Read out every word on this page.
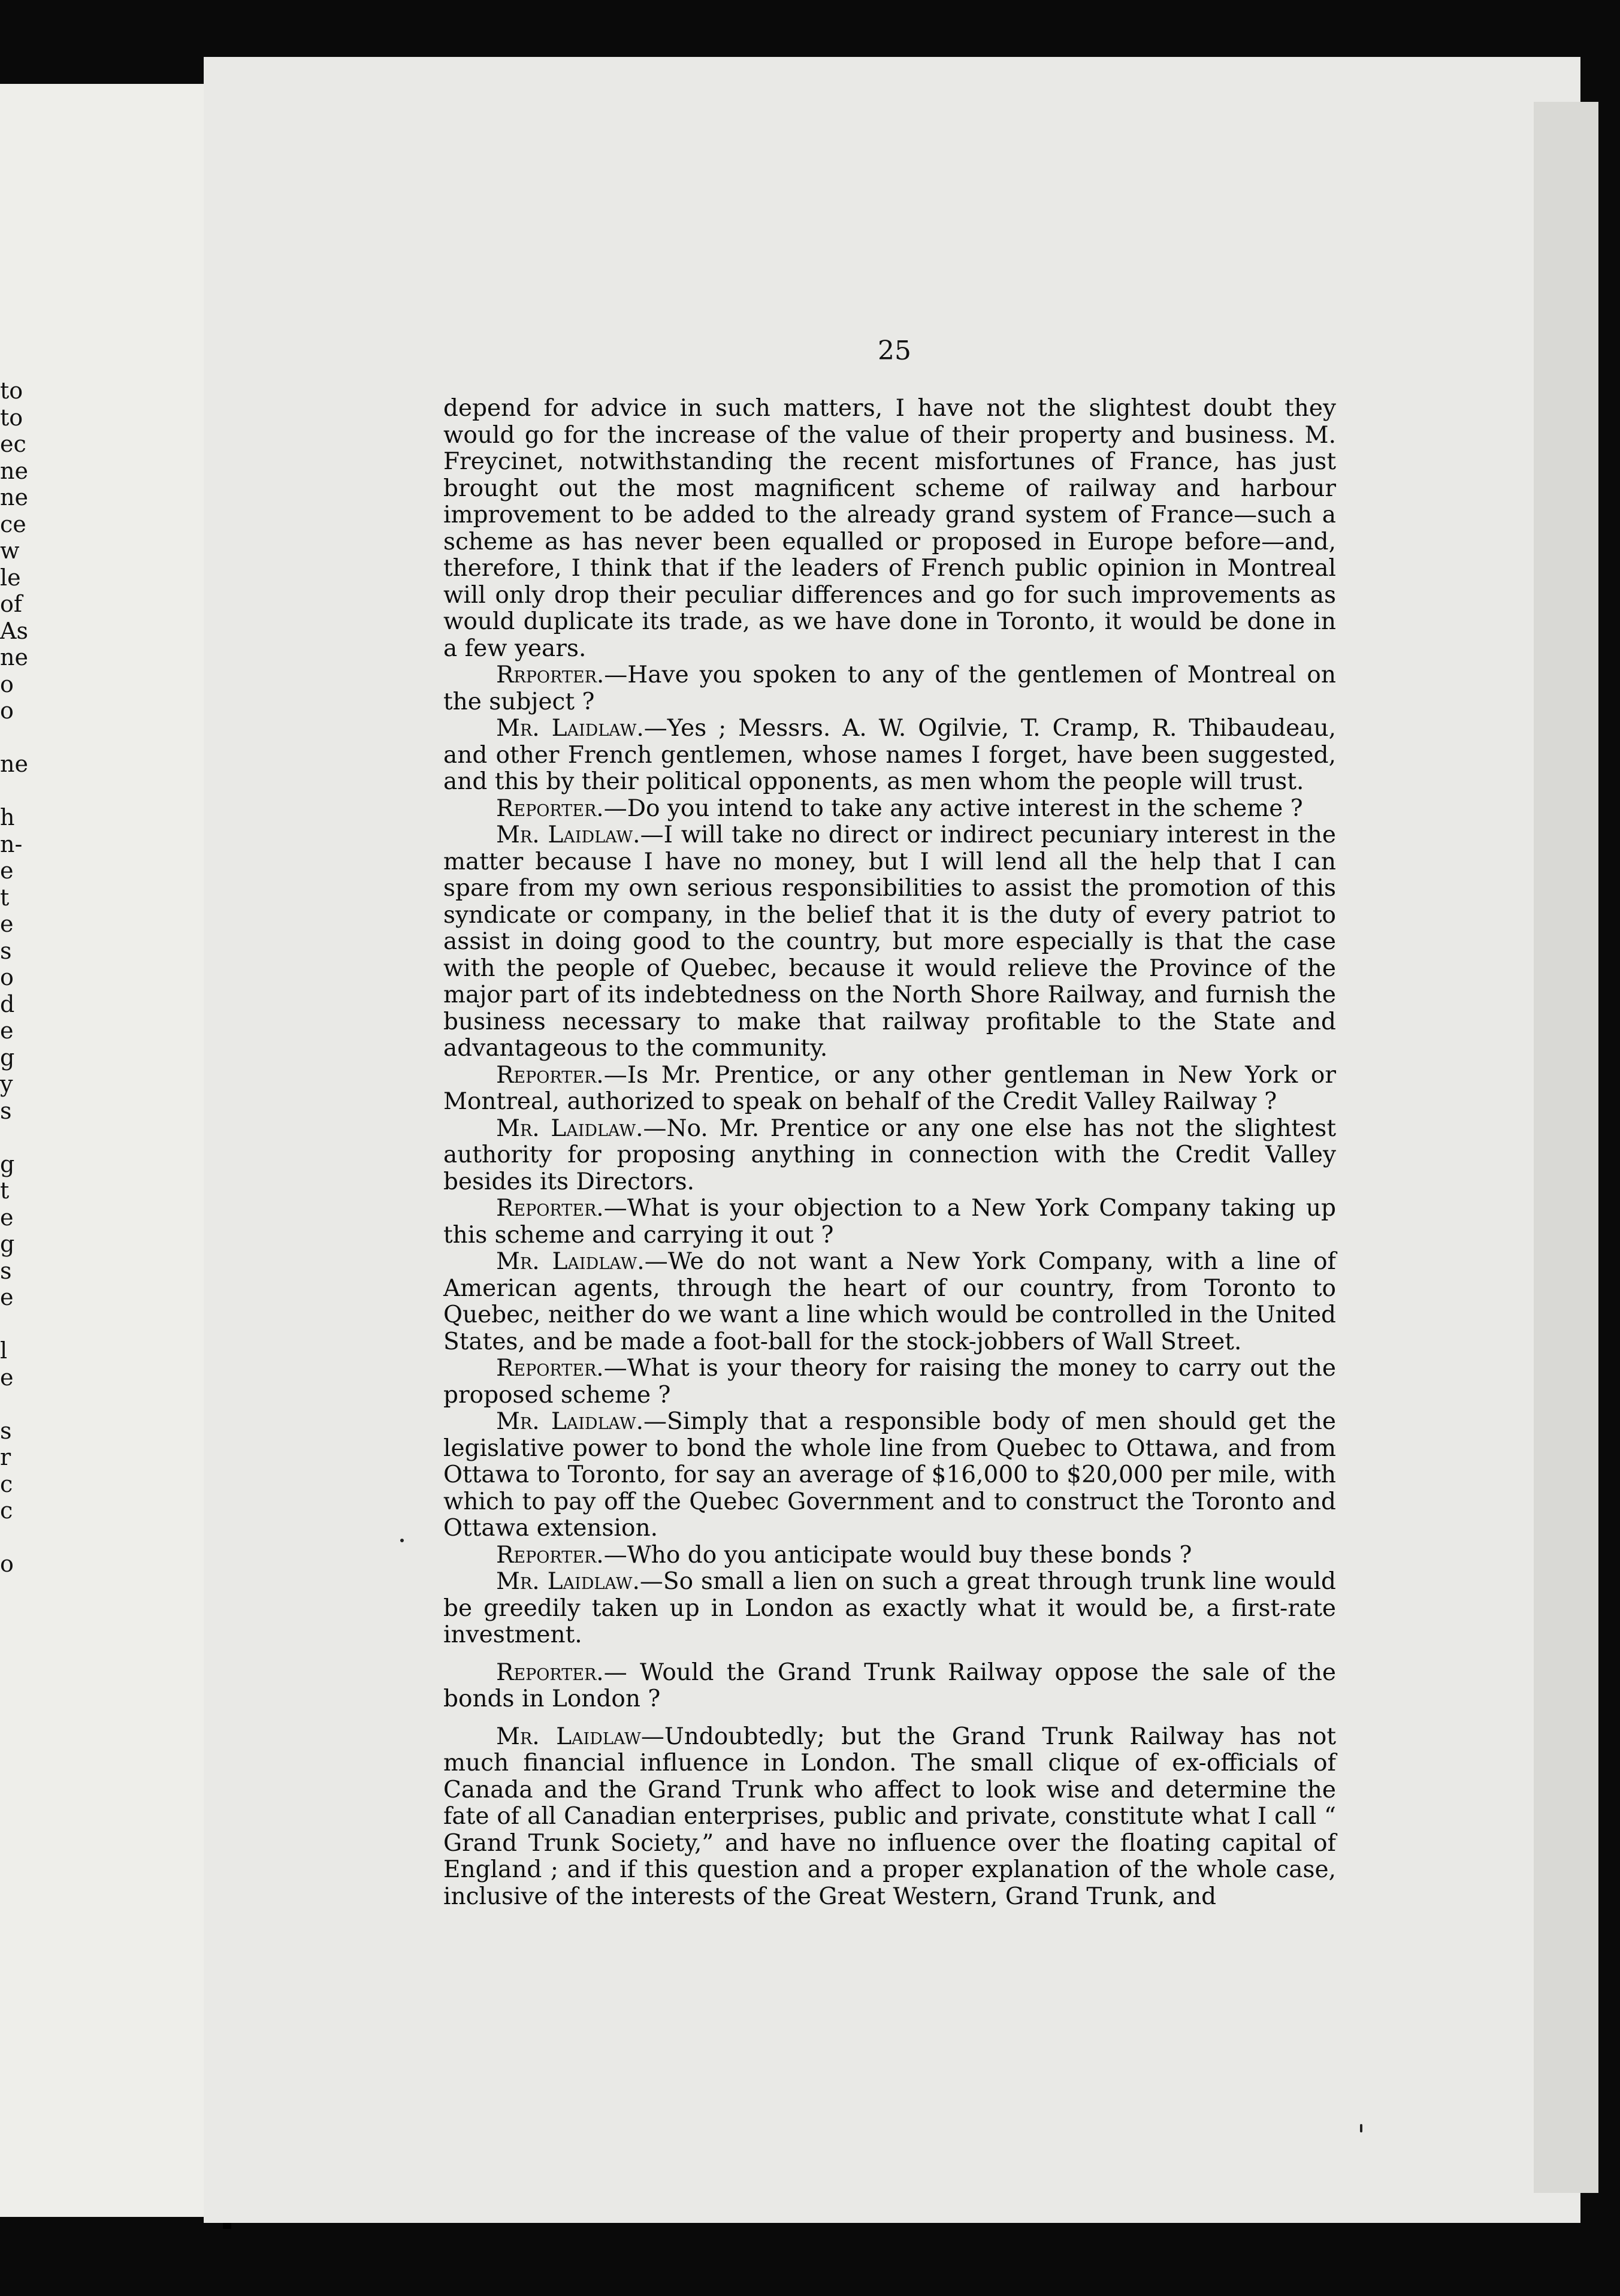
to
to
ec
ne
ne
ce
w
le
of
As
ne
o
o
ne
h
n-
e
t
e
s
o
d
e
g
y
s
g
t
e
g
s
e
l
e
s
r
c
c
o
25

depend for advice in such matters, I have not the slightest doubt they would go for the increase of the value of their property and business. M. Freycinet, notwithstanding the recent misfortunes of France, has just brought out the most magnificent scheme of railway and harbour improvement to be added to the already grand system of France—such a scheme as has never been equalled or proposed in Europe before—and, therefore, I think that if the leaders of French public opinion in Montreal will only drop their peculiar differences and go for such improvements as would duplicate its trade, as we have done in Toronto, it would be done in a few years.

Rrporter.—Have you spoken to any of the gentlemen of Montreal on the subject ?

Mr. Laidlaw.—Yes ; Messrs. A. W. Ogilvie, T. Cramp, R. Thibaudeau, and other French gentlemen, whose names I forget, have been suggested, and this by their political opponents, as men whom the people will trust.

Reporter.—Do you intend to take any active interest in the scheme ?

Mr. Laidlaw.—I will take no direct or indirect pecuniary interest in the matter because I have no money, but I will lend all the help that I can spare from my own serious responsibilities to assist the promotion of this syndicate or company, in the belief that it is the duty of every patriot to assist in doing good to the country, but more especially is that the case with the people of Quebec, because it would relieve the Province of the major part of its indebtedness on the North Shore Railway, and furnish the business necessary to make that railway profitable to the State and advantageous to the community.

Reporter.—Is Mr. Prentice, or any other gentleman in New York or Montreal, authorized to speak on behalf of the Credit Valley Railway ?

Mr. Laidlaw.—No. Mr. Prentice or any one else has not the slightest authority for proposing anything in connection with the Credit Valley besides its Directors.

Reporter.—What is your objection to a New York Company taking up this scheme and carrying it out ?

Mr. Laidlaw.—We do not want a New York Company, with a line of American agents, through the heart of our country, from Toronto to Quebec, neither do we want a line which would be controlled in the United States, and be made a foot-ball for the stock-jobbers of Wall Street.

Reporter.—What is your theory for raising the money to carry out the proposed scheme ?

Mr. Laidlaw.—Simply that a responsible body of men should get the legislative power to bond the whole line from Quebec to Ottawa, and from Ottawa to Toronto, for say an average of $16,000 to $20,000 per mile, with which to pay off the Quebec Government and to construct the Toronto and Ottawa extension.

Reporter.—Who do you anticipate would buy these bonds ?

Mr. Laidlaw.—So small a lien on such a great through trunk line would be greedily taken up in London as exactly what it would be, a first-rate investment.

Reporter.— Would the Grand Trunk Railway oppose the sale of the bonds in London ?

Mr. Laidlaw—Undoubtedly; but the Grand Trunk Railway has not much financial influence in London. The small clique of ex-officials of Canada and the Grand Trunk who affect to look wise and determine the fate of all Canadian enterprises, public and private, constitute what I call “ Grand Trunk Society,” and have no influence over the floating capital of England ; and if this question and a proper explanation of the whole case, inclusive of the interests of the Great Western, Grand Trunk, and
